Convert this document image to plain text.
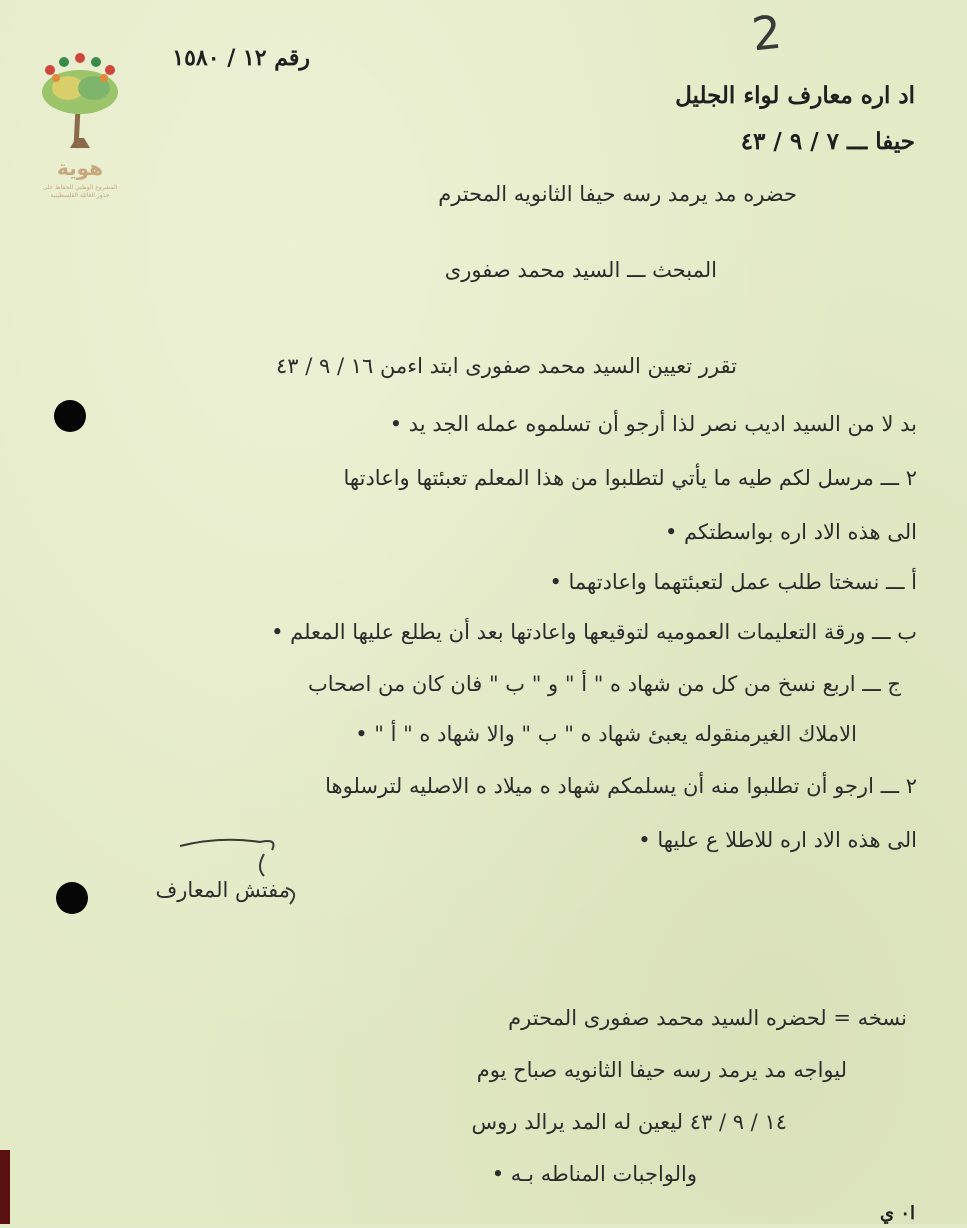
هوية
المشروع الوطني للحفاظ على
جذور العائلة الفلسطينية
2
رقم ١٢ / ١٥٨٠
اد اره معارف لواء الجليل
حيفا ـــ ٧ / ٩ / ٤٣
حضره مد يرمد رسه حيفا الثانويه المحترم
المبحث ـــ السيد محمد صفورى
تقرر تعيين السيد محمد صفورى ابتد اءمن ١٦ / ٩ / ٤٣
بد لا من السيد اديب نصر لذا أرجو أن تسلموه عمله الجد يد •
٢ ـــ مرسل لكم طيه ما يأتي لتطلبوا من هذا المعلم تعبئتها واعادتها
الى هذه الاد اره بواسطتكم •
أ ـــ نسختا طلب عمل لتعبئتهما واعادتهما •
ب ـــ ورقة التعليمات العموميه لتوقيعها واعادتها بعد أن يطلع عليها المعلم •
ج ـــ اربع نسخ من كل من شهاد ه " أ " و " ب " فان كان من اصحاب
الاملاك الغيرمنقوله يعبئ شهاد ه " ب " والا شهاد ه " أ " •
٢ ـــ ارجو أن تطلبوا منه أن يسلمكم شهاد ه ميلاد ه الاصليه لترسلوها
الى هذه الاد اره للاطلا ع عليها •
مفتش المعارف
نسخه = لحضره السيد محمد صفورى المحترم
ليواجه مد يرمد رسه حيفا الثانويه صباح يوم
١٤ / ٩ / ٤٣ ليعين له المد يرالد روس
والواجبات المناطه بـه •
ا٠ ي
